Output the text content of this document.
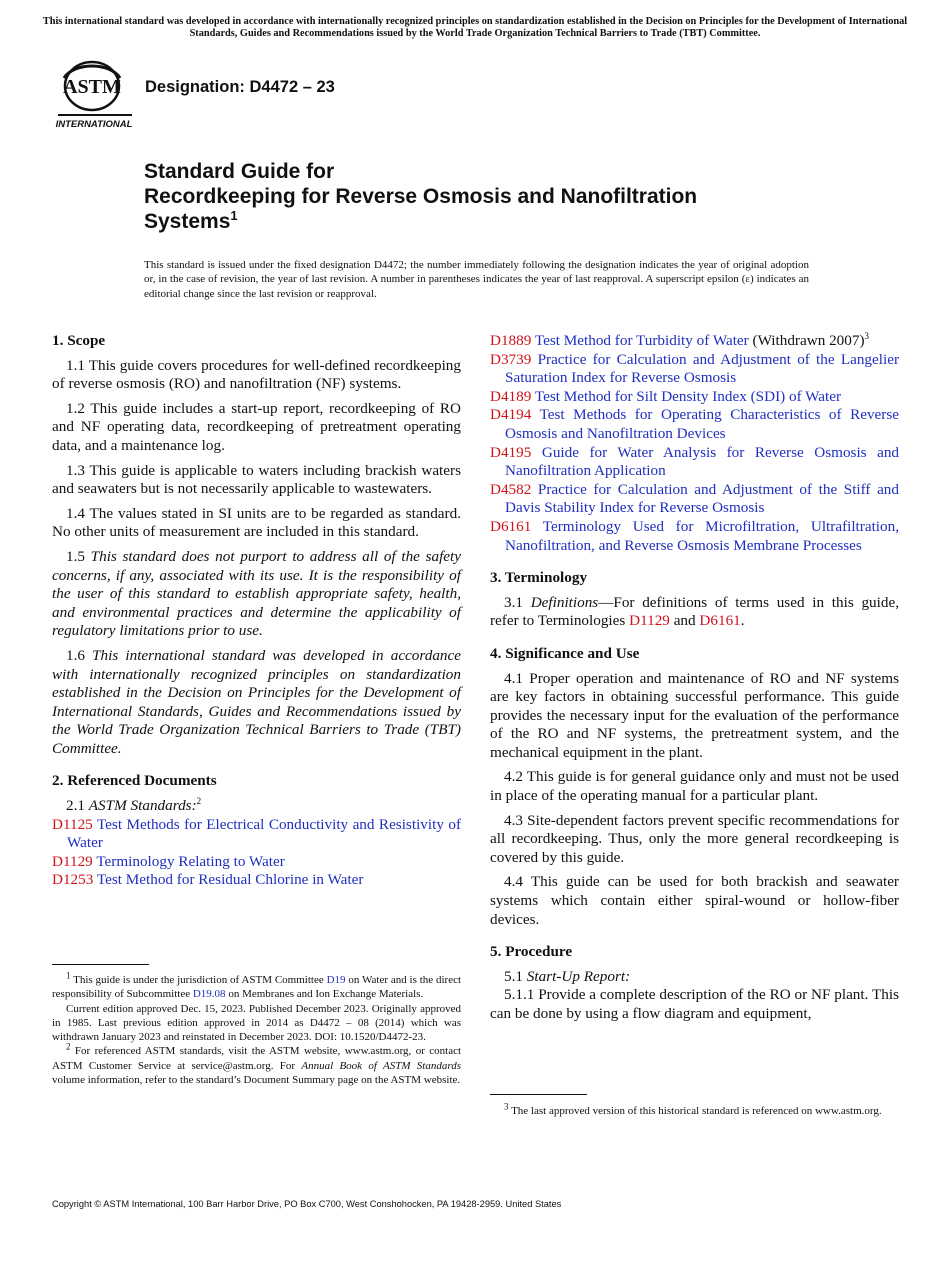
This international standard was developed in accordance with internationally recognized principles on standardization established in the Decision on Principles for the Development of International Standards, Guides and Recommendations issued by the World Trade Organization Technical Barriers to Trade (TBT) Committee.
ASTM
INTERNATIONAL
Designation: D4472 – 23
Standard Guide for
Recordkeeping for Reverse Osmosis and Nanofiltration
Systems$^1$
This standard is issued under the fixed designation D4472; the number immediately following the designation indicates the year of original adoption or, in the case of revision, the year of last revision. A number in parentheses indicates the year of last reapproval. A superscript epsilon (ε) indicates an editorial change since the last revision or reapproval.
1. Scope
1.1 This guide covers procedures for well-defined recordkeeping of reverse osmosis (RO) and nanofiltration (NF) systems.
1.2 This guide includes a start-up report, recordkeeping of RO and NF operating data, recordkeeping of pretreatment operating data, and a maintenance log.
1.3 This guide is applicable to waters including brackish waters and seawaters but is not necessarily applicable to wastewaters.
1.4 The values stated in SI units are to be regarded as standard. No other units of measurement are included in this standard.
1.5 This standard does not purport to address all of the safety concerns, if any, associated with its use. It is the responsibility of the user of this standard to establish appropriate safety, health, and environmental practices and determine the applicability of regulatory limitations prior to use.
1.6 This international standard was developed in accordance with internationally recognized principles on standardization established in the Decision on Principles for the Development of International Standards, Guides and Recommendations issued by the World Trade Organization Technical Barriers to Trade (TBT) Committee.
2. Referenced Documents
2.1 ASTM Standards:$^2$
D1125 Test Methods for Electrical Conductivity and Resistivity of Water
D1129 Terminology Relating to Water
D1253 Test Method for Residual Chlorine in Water

$^1$ This guide is under the jurisdiction of ASTM Committee D19 on Water and is the direct responsibility of Subcommittee D19.08 on Membranes and Ion Exchange Materials.

Current edition approved Dec. 15, 2023. Published December 2023. Originally approved in 1985. Last previous edition approved in 2014 as D4472 – 08 (2014) which was withdrawn January 2023 and reinstated in December 2023. DOI: 10.1520/D4472-23.

$^2$ For referenced ASTM standards, visit the ASTM website, www.astm.org, or contact ASTM Customer Service at service@astm.org. For Annual Book of ASTM Standards volume information, refer to the standard’s Document Summary page on the ASTM website.

D1889 Test Method for Turbidity of Water (Withdrawn 2007)$^3$
D3739 Practice for Calculation and Adjustment of the Langelier Saturation Index for Reverse Osmosis
D4189 Test Method for Silt Density Index (SDI) of Water
D4194 Test Methods for Operating Characteristics of Reverse Osmosis and Nanofiltration Devices
D4195 Guide for Water Analysis for Reverse Osmosis and Nanofiltration Application
D4582 Practice for Calculation and Adjustment of the Stiff and Davis Stability Index for Reverse Osmosis
D6161 Terminology Used for Microfiltration, Ultrafiltration, Nanofiltration, and Reverse Osmosis Membrane Processes
3. Terminology
3.1 Definitions—For definitions of terms used in this guide, refer to Terminologies D1129 and D6161.
4. Significance and Use
4.1 Proper operation and maintenance of RO and NF systems are key factors in obtaining successful performance. This guide provides the necessary input for the evaluation of the performance of the RO and NF systems, the pretreatment system, and the mechanical equipment in the plant.
4.2 This guide is for general guidance only and must not be used in place of the operating manual for a particular plant.
4.3 Site-dependent factors prevent specific recommendations for all recordkeeping. Thus, only the more general recordkeeping is covered by this guide.
4.4 This guide can be used for both brackish and seawater systems which contain either spiral-wound or hollow-fiber devices.
5. Procedure
5.1 Start-Up Report:
5.1.1 Provide a complete description of the RO or NF plant. This can be done by using a flow diagram and equipment,

$^3$ The last approved version of this historical standard is referenced on www.astm.org.

Copyright © ASTM International, 100 Barr Harbor Drive, PO Box C700, West Conshohocken, PA 19428-2959. United States
